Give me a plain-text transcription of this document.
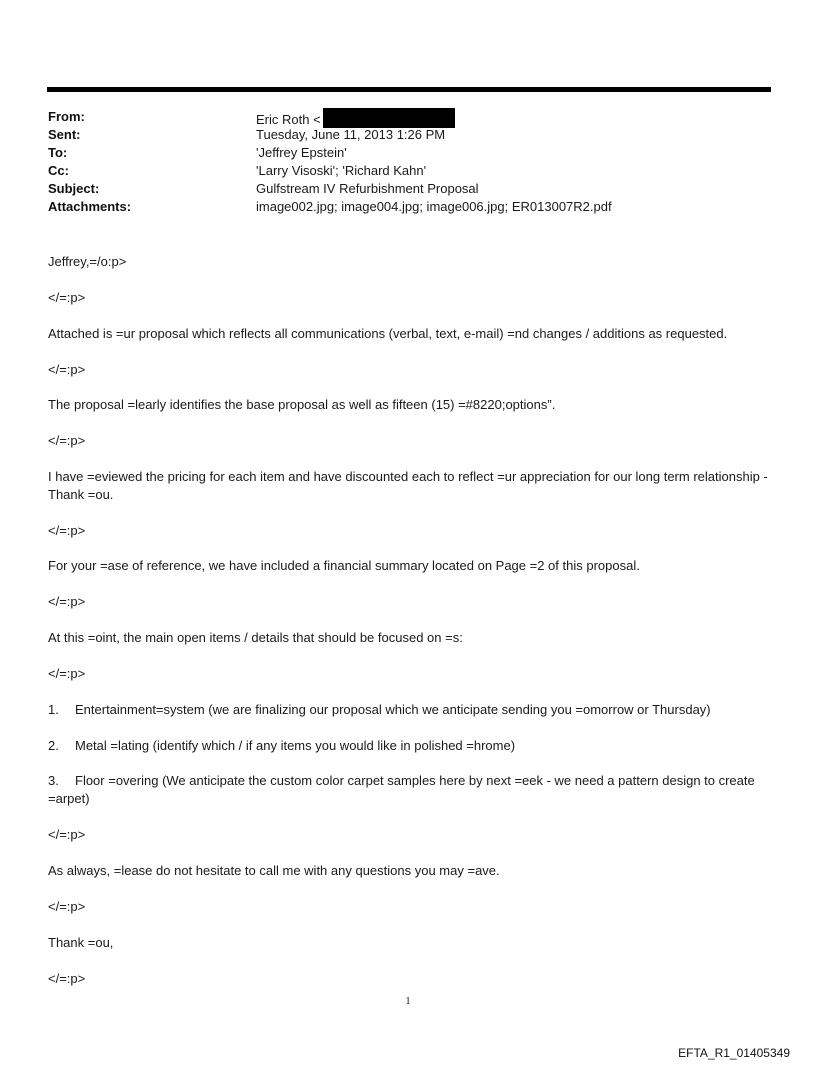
From:	Eric Roth <
Sent:	Tuesday, June 11, 2013 1:26 PM
To:	'Jeffrey Epstein'
Cc:	'Larry Visoski'; 'Richard Kahn'
Subject:	Gulfstream IV Refurbishment Proposal
Attachments:	image002.jpg; image004.jpg; image006.jpg; ER013007R2.pdf

Jeffrey,=/o:p>

</=:p>

Attached is =ur proposal which reflects all communications (verbal, text, e-mail) =nd changes / additions as requested.

</=:p>

The proposal =learly identifies the base proposal as well as fifteen (15) =#8220;options”.

</=:p>

I have =eviewed the pricing for each item and have discounted each to reflect =ur appreciation for our long term relationship - Thank =ou.

</=:p>

For your =ase of reference, we have included a financial summary located on Page =2 of this proposal.

</=:p>

At this =oint, the main open items / details that should be focused on =s:

</=:p>

1. Entertainment=system (we are finalizing our proposal which we anticipate sending you =omorrow or Thursday)

2. Metal =lating (identify which / if any items you would like in polished =hrome)

3. Floor =overing (We anticipate the custom color carpet samples here by next =eek - we need a pattern design to create =arpet)

</=:p>

As always, =lease do not hesitate to call me with any questions you may =ave.

</=:p>

Thank =ou,

</=:p>

1
EFTA_R1_01405349
